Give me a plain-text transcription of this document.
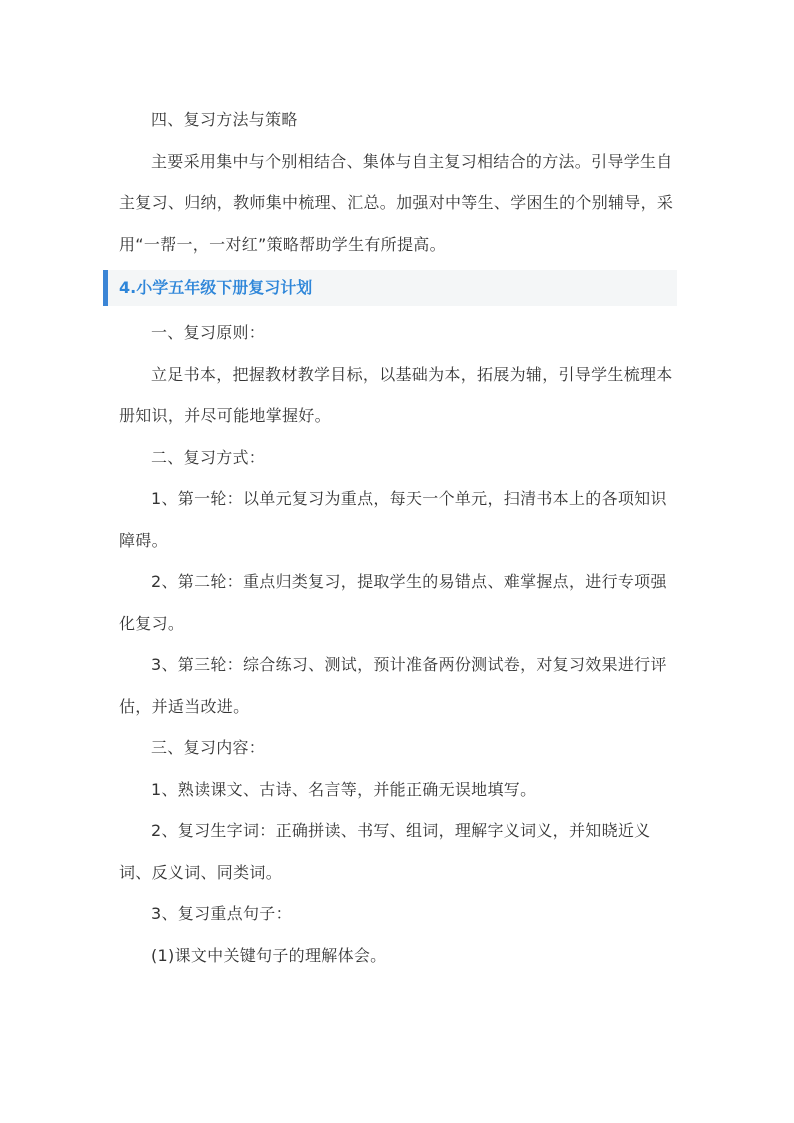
四、复习方法与策略

主要采用集中与个别相结合、集体与自主复习相结合的方法。引导学生自主复习、归纳，教师集中梳理、汇总。加强对中等生、学困生的个别辅导，采用“一帮一，一对红”策略帮助学生有所提高。

4.小学五年级下册复习计划

一、复习原则：

立足书本，把握教材教学目标，以基础为本，拓展为辅，引导学生梳理本册知识，并尽可能地掌握好。

二、复习方式：

1、第一轮：以单元复习为重点，每天一个单元，扫清书本上的各项知识障碍。

2、第二轮：重点归类复习，提取学生的易错点、难掌握点，进行专项强化复习。

3、第三轮：综合练习、测试，预计准备两份测试卷，对复习效果进行评估，并适当改进。

三、复习内容：

1、熟读课文、古诗、名言等，并能正确无误地填写。

2、复习生字词：正确拼读、书写、组词，理解字义词义，并知晓近义词、反义词、同类词。

3、复习重点句子：

(1)课文中关键句子的理解体会。
